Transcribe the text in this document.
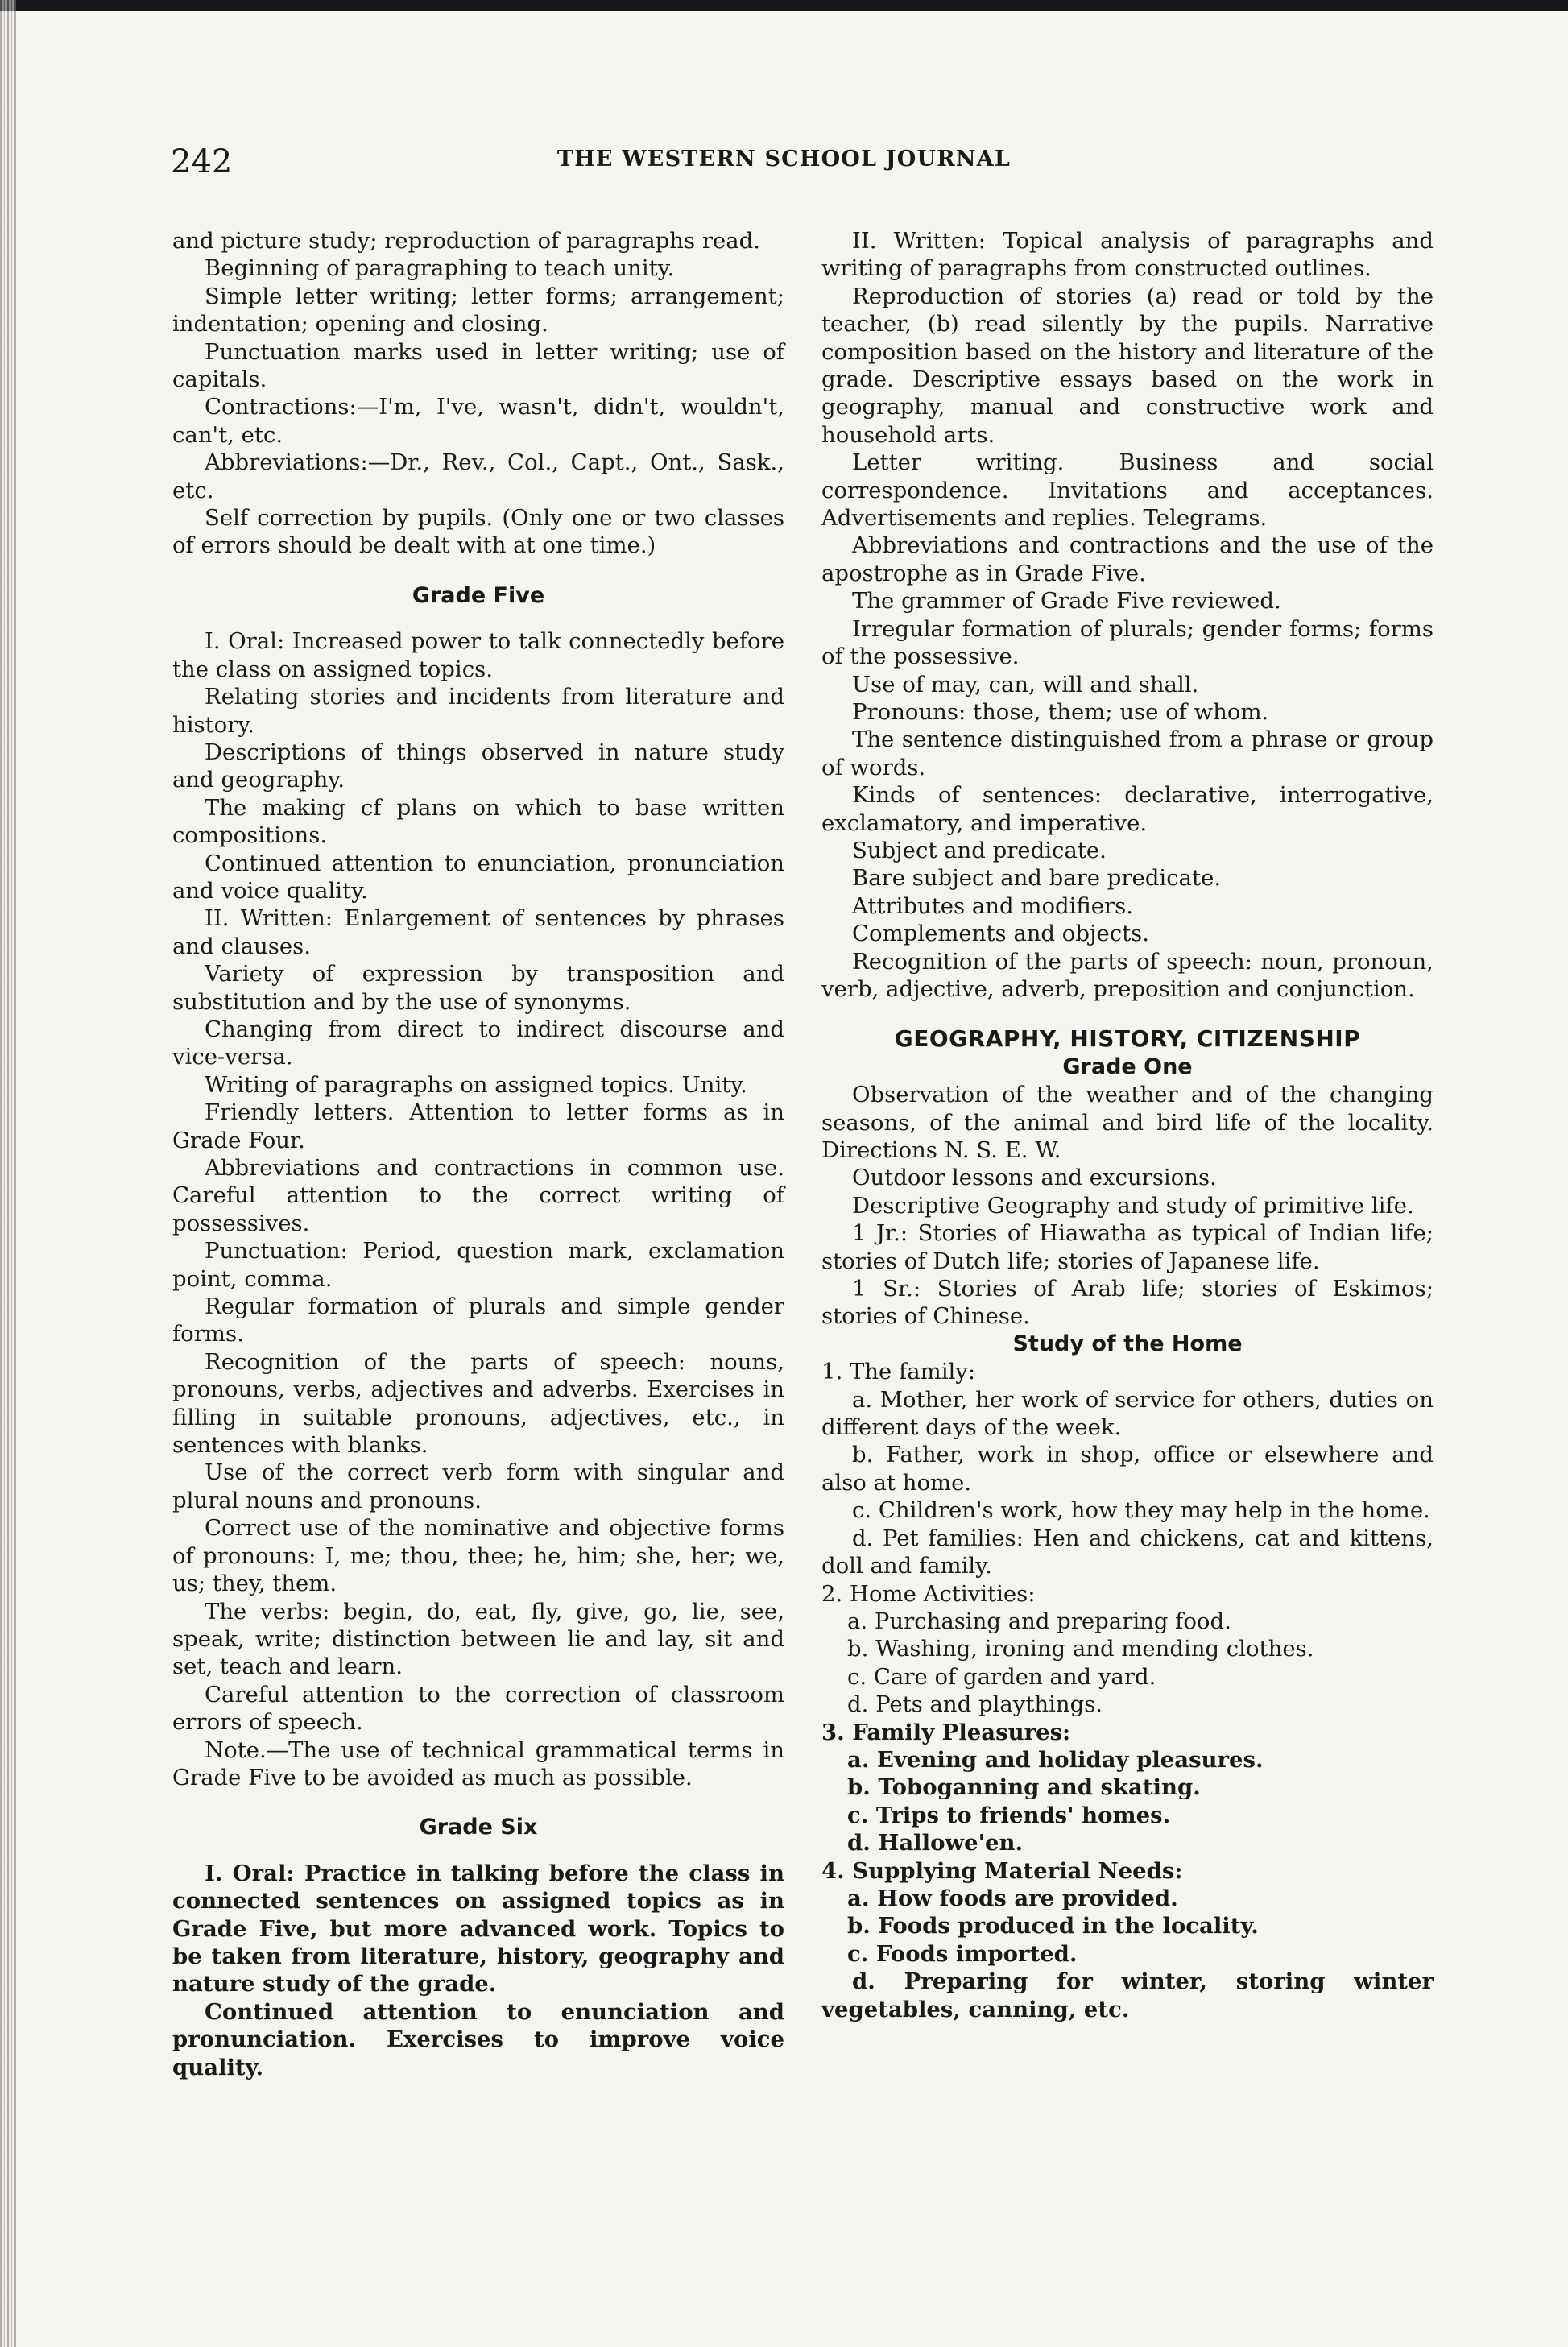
242	THE WESTERN SCHOOL JOURNAL

and picture study; reproduction of paragraphs read.

Beginning of paragraphing to teach unity.

Simple letter writing; letter forms; arrangement; indentation; opening and closing.

Punctuation marks used in letter writing; use of capitals.

Contractions:—I'm, I've, wasn't, didn't, wouldn't, can't, etc.

Abbreviations:—Dr., Rev., Col., Capt., Ont., Sask., etc.

Self correction by pupils. (Only one or two classes of errors should be dealt with at one time.)

Grade Five

I. Oral: Increased power to talk connectedly before the class on assigned topics.

Relating stories and incidents from literature and history.

Descriptions of things observed in nature study and geography.

The making cf plans on which to base written compositions.

Continued attention to enunciation, pronunciation and voice quality.

II. Written: Enlargement of sentences by phrases and clauses.

Variety of expression by transposition and substitution and by the use of synonyms.

Changing from direct to indirect discourse and vice-versa.

Writing of paragraphs on assigned topics. Unity.

Friendly letters. Attention to letter forms as in Grade Four.

Abbreviations and contractions in common use. Careful attention to the correct writing of possessives.

Punctuation: Period, question mark, exclamation point, comma.

Regular formation of plurals and simple gender forms.

Recognition of the parts of speech: nouns, pronouns, verbs, adjectives and adverbs. Exercises in filling in suitable pronouns, adjectives, etc., in sentences with blanks.

Use of the correct verb form with singular and plural nouns and pronouns.

Correct use of the nominative and objective forms of pronouns: I, me; thou, thee; he, him; she, her; we, us; they, them.

The verbs: begin, do, eat, fly, give, go, lie, see, speak, write; distinction between lie and lay, sit and set, teach and learn.

Careful attention to the correction of classroom errors of speech.

Note.—The use of technical grammatical terms in Grade Five to be avoided as much as possible.

Grade Six

I. Oral: Practice in talking before the class in connected sentences on assigned topics as in Grade Five, but more advanced work. Topics to be taken from literature, history, geography and nature study of the grade.

Continued attention to enunciation and pronunciation. Exercises to improve voice quality.

II. Written: Topical analysis of paragraphs and writing of paragraphs from constructed outlines.

Reproduction of stories (a) read or told by the teacher, (b) read silently by the pupils. Narrative composition based on the history and literature of the grade. Descriptive essays based on the work in geography, manual and constructive work and household arts.

Letter writing. Business and social correspondence. Invitations and acceptances. Advertisements and replies. Telegrams.

Abbreviations and contractions and the use of the apostrophe as in Grade Five.

The grammer of Grade Five reviewed.

Irregular formation of plurals; gender forms; forms of the possessive.

Use of may, can, will and shall.

Pronouns: those, them; use of whom.

The sentence distinguished from a phrase or group of words.

Kinds of sentences: declarative, interrogative, exclamatory, and imperative.

Subject and predicate.

Bare subject and bare predicate.

Attributes and modifiers.

Complements and objects.

Recognition of the parts of speech: noun, pronoun, verb, adjective, adverb, preposition and conjunction.

GEOGRAPHY, HISTORY, CITIZENSHIP

Grade One

Observation of the weather and of the changing seasons, of the animal and bird life of the locality. Directions N. S. E. W.

Outdoor lessons and excursions.

Descriptive Geography and study of primitive life.

1 Jr.: Stories of Hiawatha as typical of Indian life; stories of Dutch life; stories of Japanese life.

1 Sr.: Stories of Arab life; stories of Eskimos; stories of Chinese.

Study of the Home

1. The family:

a. Mother, her work of service for others, duties on different days of the week.

b. Father, work in shop, office or elsewhere and also at home.

c. Children's work, how they may help in the home.

d. Pet families: Hen and chickens, cat and kittens, doll and family.

2. Home Activities:

a. Purchasing and preparing food.

b. Washing, ironing and mending clothes.

c. Care of garden and yard.

d. Pets and playthings.

3. Family Pleasures:

a. Evening and holiday pleasures.

b. Toboganning and skating.

c. Trips to friends' homes.

d. Hallowe'en.

4. Supplying Material Needs:

a. How foods are provided.

b. Foods produced in the locality.

c. Foods imported.

d. Preparing for winter, storing winter vegetables, canning, etc.
